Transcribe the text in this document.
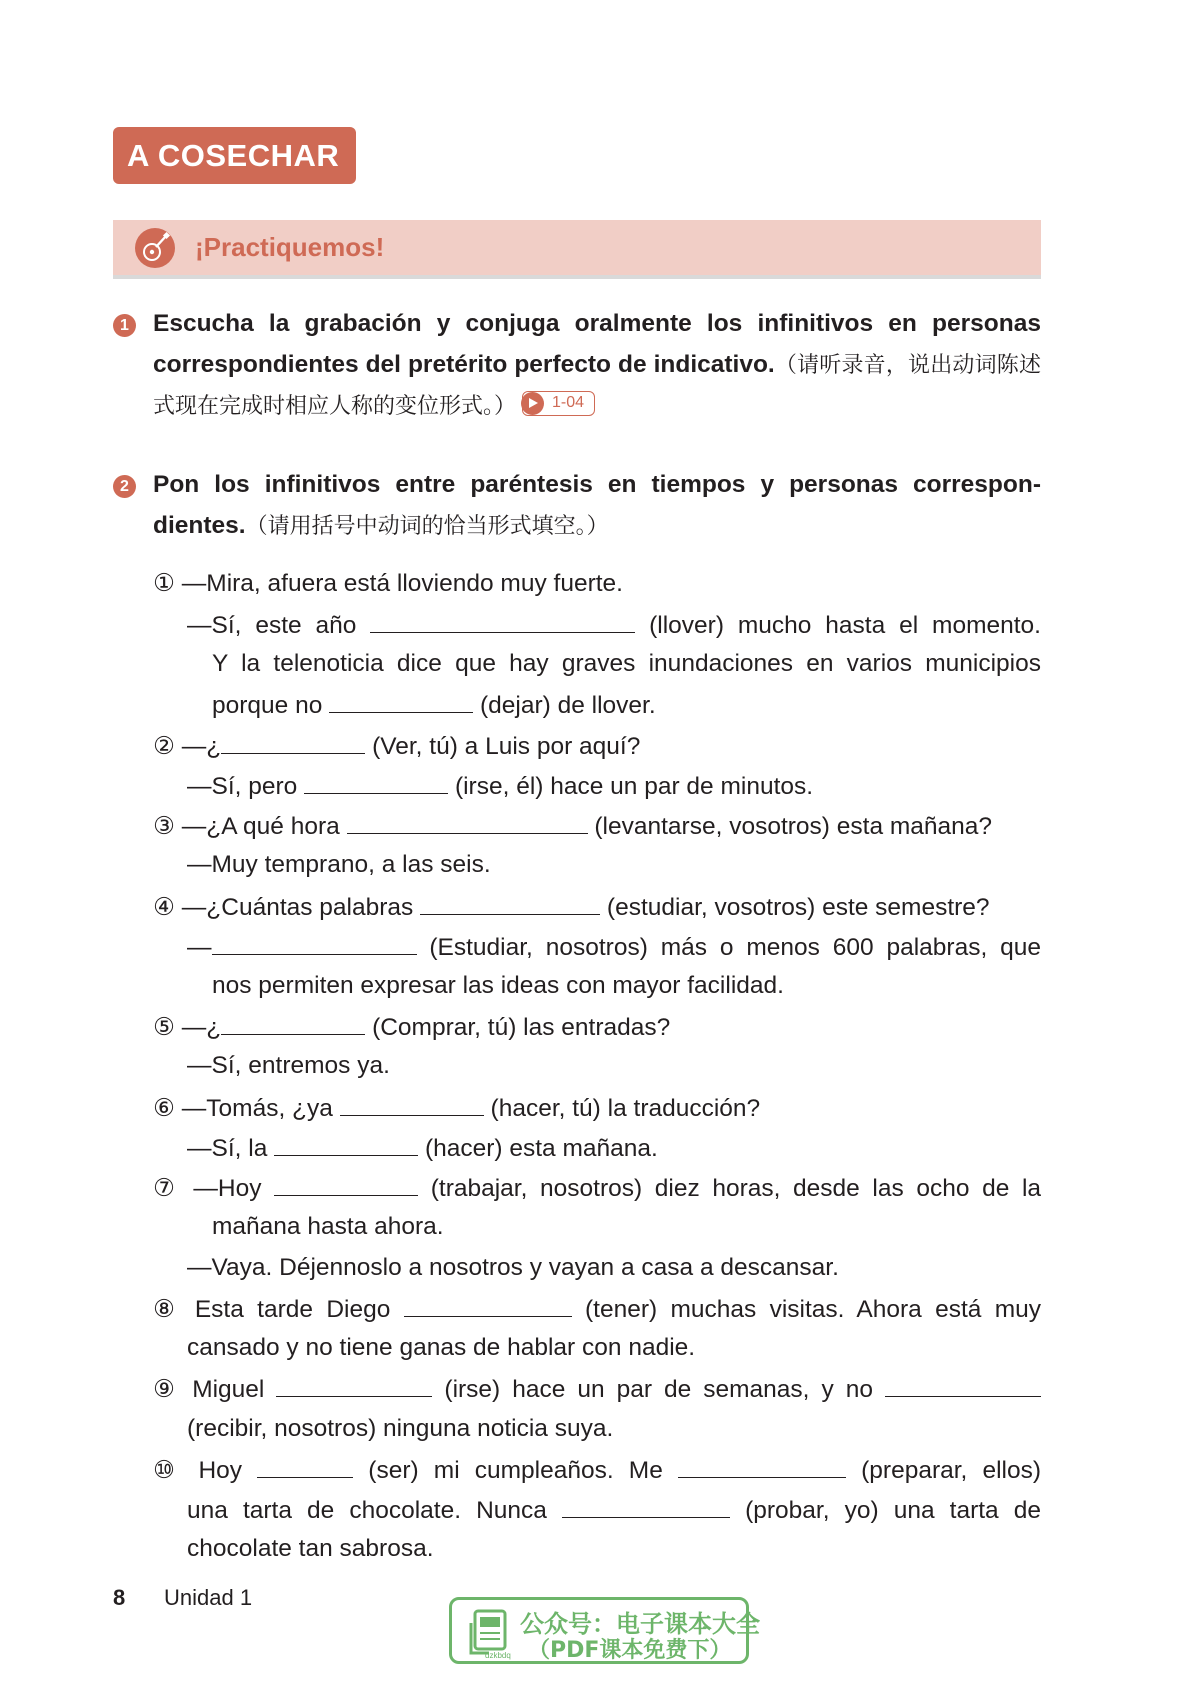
A COSECHAR
¡Practiquemos!
1 Escucha la grabación y conjuga oralmente los infinitivos en personas correspondientes del pretérito perfecto de indicativo.（请听录音，说出动词陈述式现在完成时相应人称的变位形式。） 1-04
2 Pon los infinitivos entre paréntesis en tiempos y personas correspon-dientes.（请用括号中动词的恰当形式填空。）
① —Mira, afuera está lloviendo muy fuerte.
—Sí, este año	(llover) mucho hasta el momento.
Y la telenoticia dice que hay graves inundaciones en varios municipios
porque no	(dejar) de llover.
② —¿	(Ver, tú) a Luis por aquí?
—Sí, pero	(irse, él) hace un par de minutos.
③ —¿A qué hora	(levantarse, vosotros) esta mañana?
—Muy temprano, a las seis.
④ —¿Cuántas palabras	(estudiar, vosotros) este semestre?
—	(Estudiar, nosotros) más o menos 600 palabras, que
nos permiten expresar las ideas con mayor facilidad.
⑤ —¿	(Comprar, tú) las entradas?
—Sí, entremos ya.
⑥ —Tomás, ¿ya	(hacer, tú) la traducción?
—Sí, la	(hacer) esta mañana.
⑦ —Hoy	(trabajar, nosotros) diez horas, desde las ocho de la
mañana hasta ahora.
—Vaya. Déjennoslo a nosotros y vayan a casa a descansar.
⑧ Esta tarde Diego	(tener) muchas visitas. Ahora está muy
cansado y no tiene ganas de hablar con nadie.
⑨ Miguel	(irse) hace un par de semanas, y no
(recibir, nosotros) ninguna noticia suya.
⑩ Hoy	(ser) mi cumpleaños. Me	(preparar, ellos)
una tarta de chocolate. Nunca	(probar, yo) una tarta de
chocolate tan sabrosa.
8 Unidad 1
dzkbdq
公众号：电子课本大全
（PDF课本免费下）
